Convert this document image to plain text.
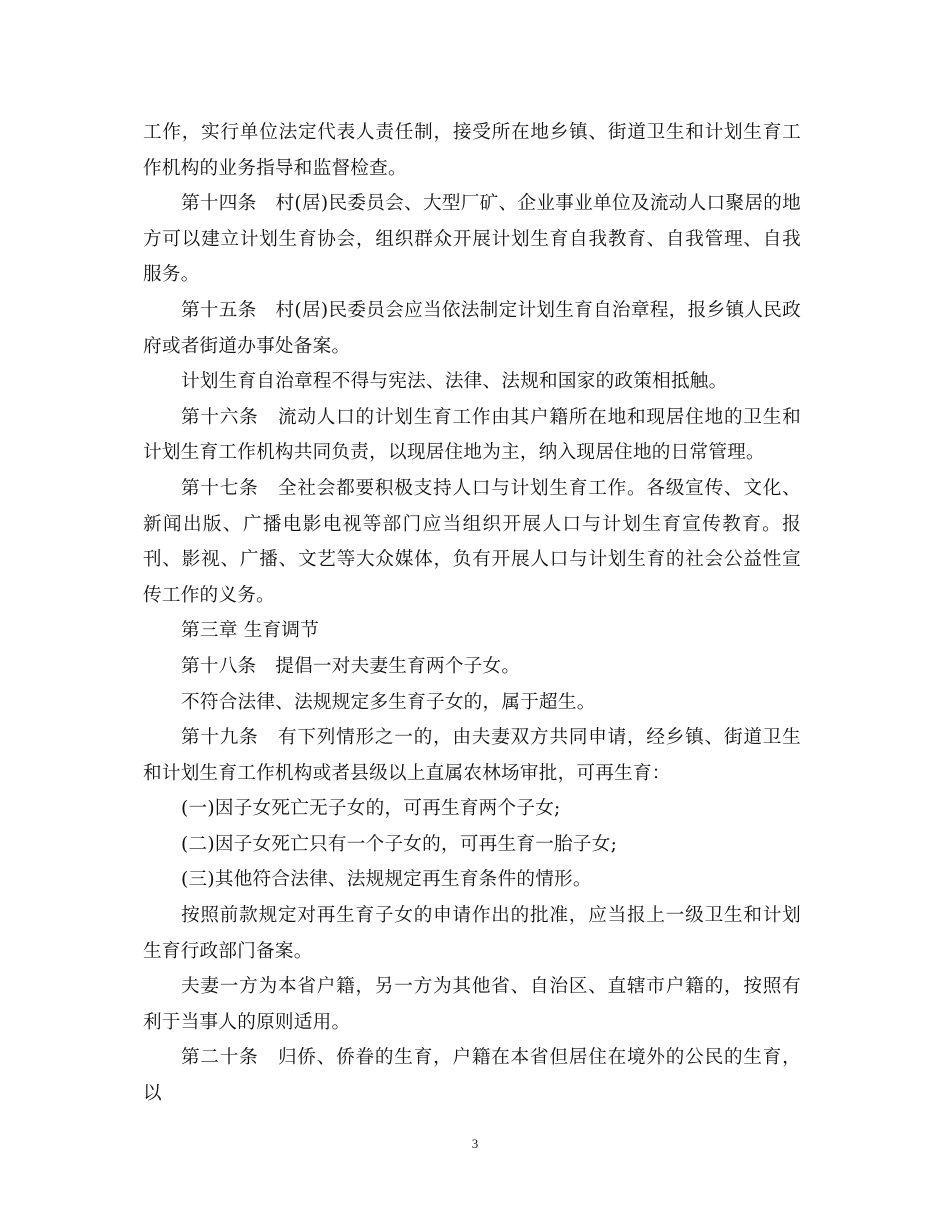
工作，实行单位法定代表人责任制，接受所在地乡镇、街道卫生和计划生育工作机构的业务指导和监督检查。

第十四条　村(居)民委员会、大型厂矿、企业事业单位及流动人口聚居的地方可以建立计划生育协会，组织群众开展计划生育自我教育、自我管理、自我服务。

第十五条　村(居)民委员会应当依法制定计划生育自治章程，报乡镇人民政府或者街道办事处备案。

计划生育自治章程不得与宪法、法律、法规和国家的政策相抵触。

第十六条　流动人口的计划生育工作由其户籍所在地和现居住地的卫生和计划生育工作机构共同负责，以现居住地为主，纳入现居住地的日常管理。

第十七条　全社会都要积极支持人口与计划生育工作。各级宣传、文化、新闻出版、广播电影电视等部门应当组织开展人口与计划生育宣传教育。报刊、影视、广播、文艺等大众媒体，负有开展人口与计划生育的社会公益性宣传工作的义务。

第三章 生育调节

第十八条　提倡一对夫妻生育两个子女。

不符合法律、法规规定多生育子女的，属于超生。

第十九条　有下列情形之一的，由夫妻双方共同申请，经乡镇、街道卫生和计划生育工作机构或者县级以上直属农林场审批，可再生育：

(一)因子女死亡无子女的，可再生育两个子女;

(二)因子女死亡只有一个子女的，可再生育一胎子女;

(三)其他符合法律、法规规定再生育条件的情形。

按照前款规定对再生育子女的申请作出的批准，应当报上一级卫生和计划生育行政部门备案。

夫妻一方为本省户籍，另一方为其他省、自治区、直辖市户籍的，按照有利于当事人的原则适用。

第二十条　归侨、侨眷的生育，户籍在本省但居住在境外的公民的生育，以

3
